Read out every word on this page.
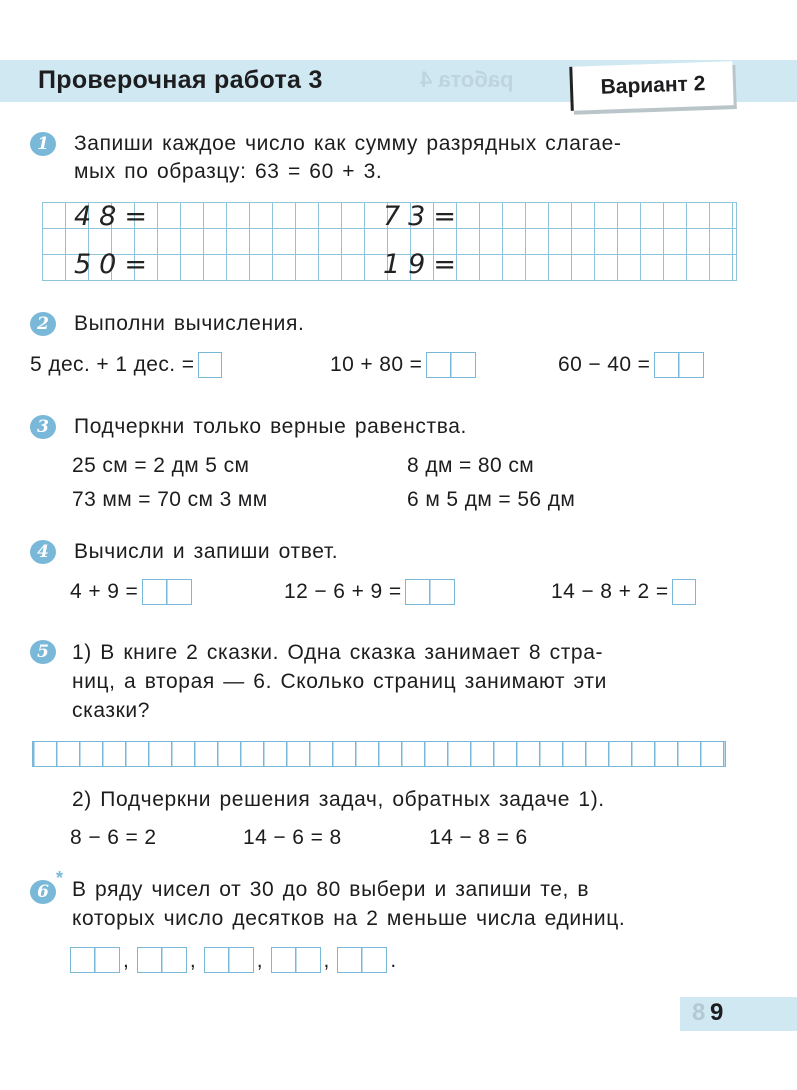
работа 4
Проверочная работа 3	Вариант 2
1	Запиши каждое число как сумму разрядных слагае-
мых по образцу: 63 = 60 + 3.
48=	73=
50=	19=
2	Выполни вычисления.
5 дес. + 1 дес. =	10 + 80 =	60 − 40 =
3	Подчеркни только верные равенства.
25 см = 2 дм 5 см	8 дм = 80 см
73 мм = 70 см 3 мм	6 м 5 дм = 56 дм
4	Вычисли и запиши ответ.
4 + 9 =	12 − 6 + 9 =	14 − 8 + 2 =
5	1) В книге 2 сказки. Одна сказка занимает 8 стра-
ниц, а вторая — 6. Сколько страниц занимают эти
сказки?
2) Подчеркни решения задач, обратных задаче 1).
8 − 6 = 2	14 − 6 = 8	14 − 8 = 6
6
* В ряду чисел от 30 до 80 выбери и запиши те, в
которых число десятков на 2 меньше числа единиц.
,	,	,	,	.
8 9
